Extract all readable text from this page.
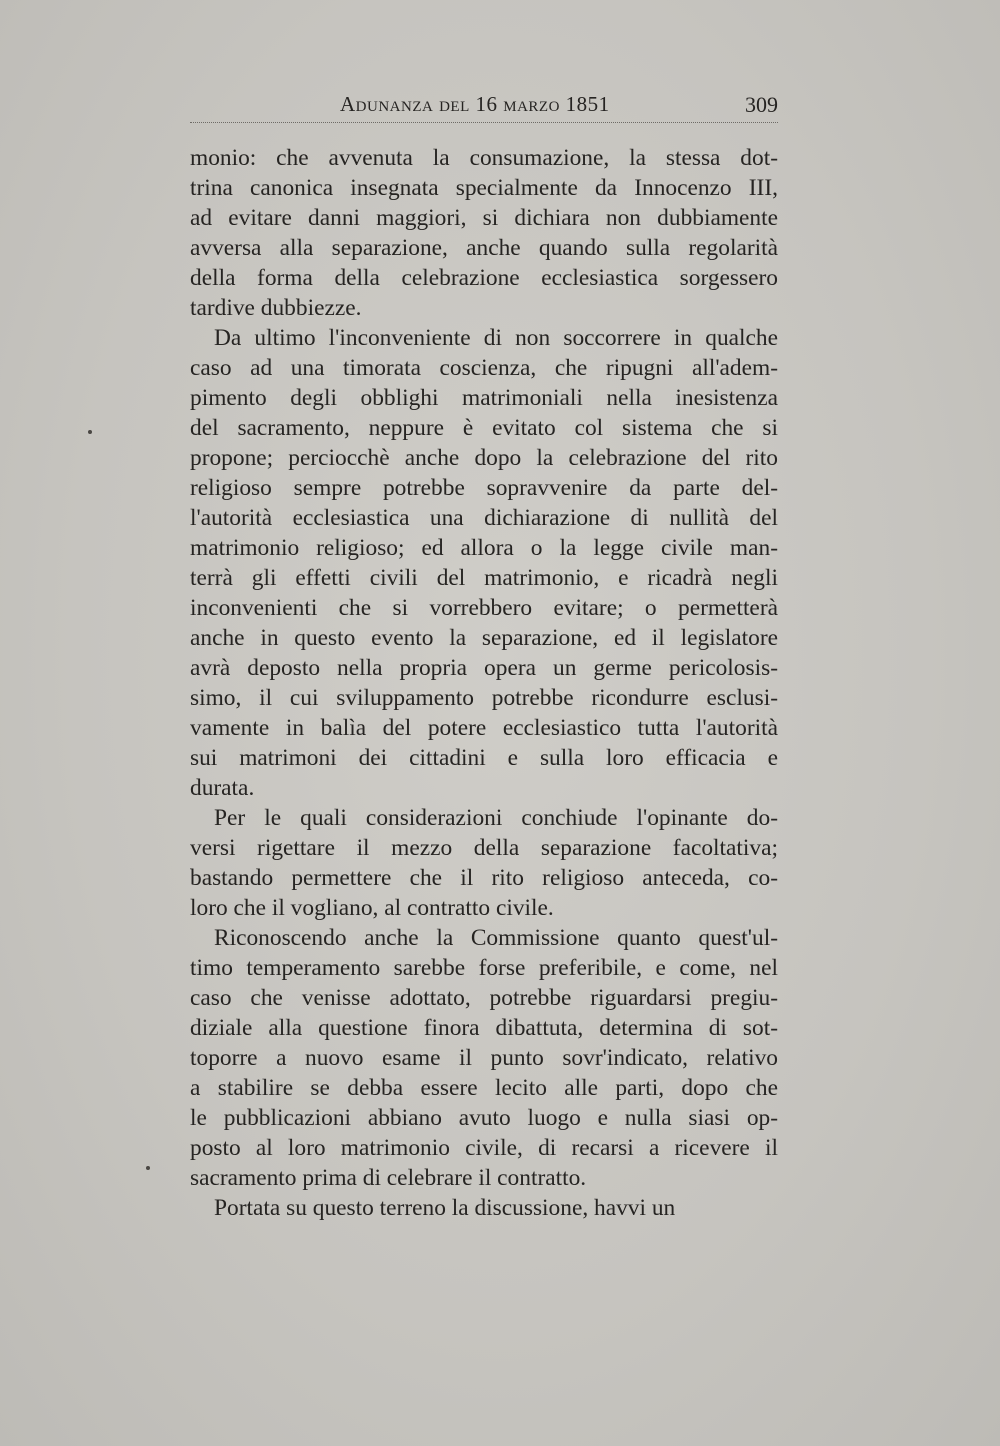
Adunanza del 16 marzo 1851	309

monio: che avvenuta la consumazione, la stessa dot-
trina canonica insegnata specialmente da Innocenzo III,
ad evitare danni maggiori, si dichiara non dubbiamente
avversa alla separazione, anche quando sulla regolarità
della forma della celebrazione ecclesiastica sorgessero
tardive dubbiezze.

Da ultimo l'inconveniente di non soccorrere in qualche
caso ad una timorata coscienza, che ripugni all'adem-
pimento degli obblighi matrimoniali nella inesistenza
del sacramento, neppure è evitato col sistema che si
propone; perciocchè anche dopo la celebrazione del rito
religioso sempre potrebbe sopravvenire da parte del-
l'autorità ecclesiastica una dichiarazione di nullità del
matrimonio religioso; ed allora o la legge civile man-
terrà gli effetti civili del matrimonio, e ricadrà negli
inconvenienti che si vorrebbero evitare; o permetterà
anche in questo evento la separazione, ed il legislatore
avrà deposto nella propria opera un germe pericolosis-
simo, il cui sviluppamento potrebbe ricondurre esclusi-
vamente in balìa del potere ecclesiastico tutta l'autorità
sui matrimoni dei cittadini e sulla loro efficacia e
durata.

Per le quali considerazioni conchiude l'opinante do-
versi rigettare il mezzo della separazione facoltativa;
bastando permettere che il rito religioso anteceda, co-
loro che il vogliano, al contratto civile.

Riconoscendo anche la Commissione quanto quest'ul-
timo temperamento sarebbe forse preferibile, e come, nel
caso che venisse adottato, potrebbe riguardarsi pregiu-
diziale alla questione finora dibattuta, determina di sot-
toporre a nuovo esame il punto sovr'indicato, relativo
a stabilire se debba essere lecito alle parti, dopo che
le pubblicazioni abbiano avuto luogo e nulla siasi op-
posto al loro matrimonio civile, di recarsi a ricevere il
sacramento prima di celebrare il contratto.

Portata su questo terreno la discussione, havvi un
